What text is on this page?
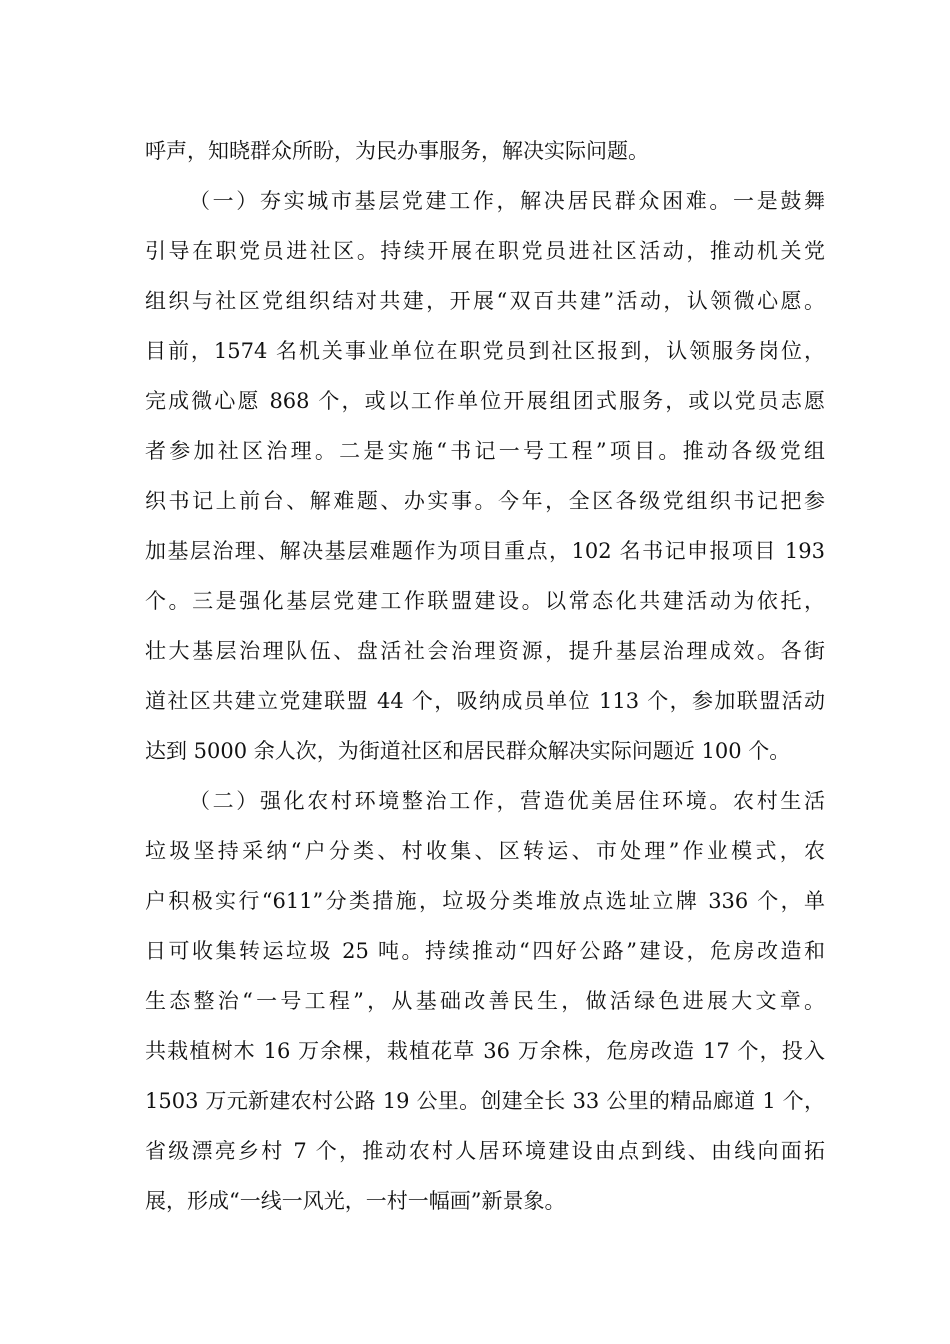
呼声，知晓群众所盼，为民办事服务，解决实际问题。
（一）夯实城市基层党建工作，解决居民群众困难。一是鼓舞
引导在职党员进社区。持续开展在职党员进社区活动，推动机关党
组织与社区党组织结对共建，开展“双百共建”活动，认领微心愿。
目前，1574 名机关事业单位在职党员到社区报到，认领服务岗位，
完成微心愿 868 个，或以工作单位开展组团式服务，或以党员志愿
者参加社区治理。二是实施“书记一号工程”项目。推动各级党组
织书记上前台、解难题、办实事。今年，全区各级党组织书记把参
加基层治理、解决基层难题作为项目重点，102 名书记申报项目 193
个。三是强化基层党建工作联盟建设。以常态化共建活动为依托，
壮大基层治理队伍、盘活社会治理资源，提升基层治理成效。各街
道社区共建立党建联盟 44 个，吸纳成员单位 113 个，参加联盟活动
达到 5000 余人次，为街道社区和居民群众解决实际问题近 100 个。
（二）强化农村环境整治工作，营造优美居住环境。农村生活
垃圾坚持采纳“户分类、村收集、区转运、市处理”作业模式，农
户积极实行“611”分类措施，垃圾分类堆放点选址立牌 336 个，单
日可收集转运垃圾 25 吨。持续推动“四好公路”建设，危房改造和
生态整治“一号工程”，从基础改善民生，做活绿色进展大文章。
共栽植树木 16 万余棵，栽植花草 36 万余株，危房改造 17 个，投入
1503 万元新建农村公路 19 公里。创建全长 33 公里的精品廊道 1 个，
省级漂亮乡村 7 个，推动农村人居环境建设由点到线、由线向面拓
展，形成“一线一风光，一村一幅画”新景象。
